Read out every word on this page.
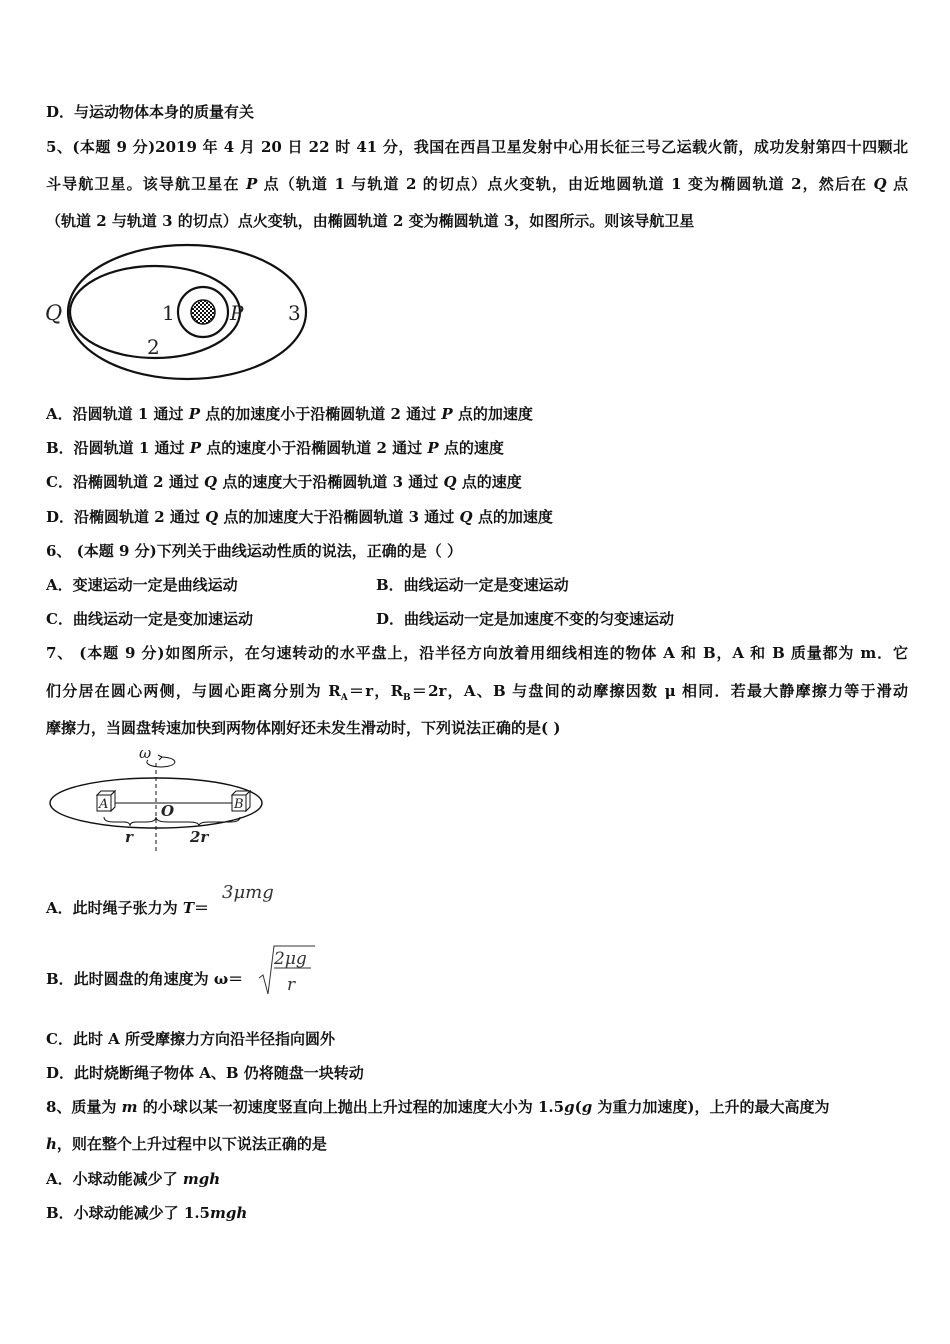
D．与运动物体本身的质量有关
5、(本题 9 分)2019 年 4 月 20 日 22 时 41 分，我国在西昌卫星发射中心用长征三号乙运载火箭，成功发射第四十四颗北
斗导航卫星。该导航卫星在 P 点（轨道 1 与轨道 2 的切点）点火变轨，由近地圆轨道 1 变为椭圆轨道 2，然后在 Q 点
（轨道 2 与轨道 3 的切点）点火变轨，由椭圆轨道 2 变为椭圆轨道 3，如图所示。则该导航卫星
Q	1	P 3
2
A．沿圆轨道 1 通过 P 点的加速度小于沿椭圆轨道 2 通过 P 点的加速度
B．沿圆轨道 1 通过 P 点的速度小于沿椭圆轨道 2 通过 P 点的速度
C．沿椭圆轨道 2 通过 Q 点的速度大于沿椭圆轨道 3 通过 Q 点的速度
D．沿椭圆轨道 2 通过 Q 点的加速度大于沿椭圆轨道 3 通过 Q 点的加速度
6、 (本题 9 分)下列关于曲线运动性质的说法，正确的是（ ）
A．变速运动一定是曲线运动	B．曲线运动一定是变速运动
C．曲线运动一定是变加速运动	D．曲线运动一定是加速度不变的匀变速运动
7、 (本题 9 分)如图所示，在匀速转动的水平盘上，沿半径方向放着用细线相连的物体 A 和 B，A 和 B 质量都为 m．它
们分居在圆心两侧，与圆心距离分别为 $R_A=r$，$R_B=2r$，A、B 与盘间的动摩擦因数 μ 相同．若最大静摩擦力等于滑动
摩擦力，当圆盘转速加快到两物体刚好还未发生滑动时，下列说法正确的是( )
ω
A	B
O
r	2r
A．此时绳子张力为 T＝
3μmg
B．此时圆盘的角速度为 ω＝
2μg
r
C．此时 A 所受摩擦力方向沿半径指向圆外
D．此时烧断绳子物体 A、B 仍将随盘一块转动
8、质量为 m 的小球以某一初速度竖直向上抛出上升过程的加速度大小为 1.5g(g 为重力加速度)，上升的最大高度为
h，则在整个上升过程中以下说法正确的是
A．小球动能减少了 mgh
B．小球动能减少了 1.5mgh
